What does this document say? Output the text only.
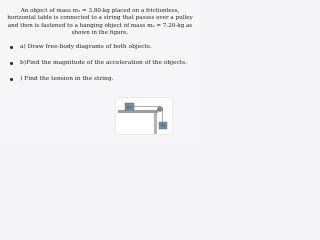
An object of mass m₁ = 3.80-kg placed on a frictionless, horizontal table is connected to a string that passes over a pulley and then is fastened to a hanging object of mass m₂ = 7.20-kg as shown in the figure.
a) Draw free-body diagrams of both objects.
b)Find the magnitude of the acceleration of the objects.
) Find the tension in the string.
m₁
m₂
